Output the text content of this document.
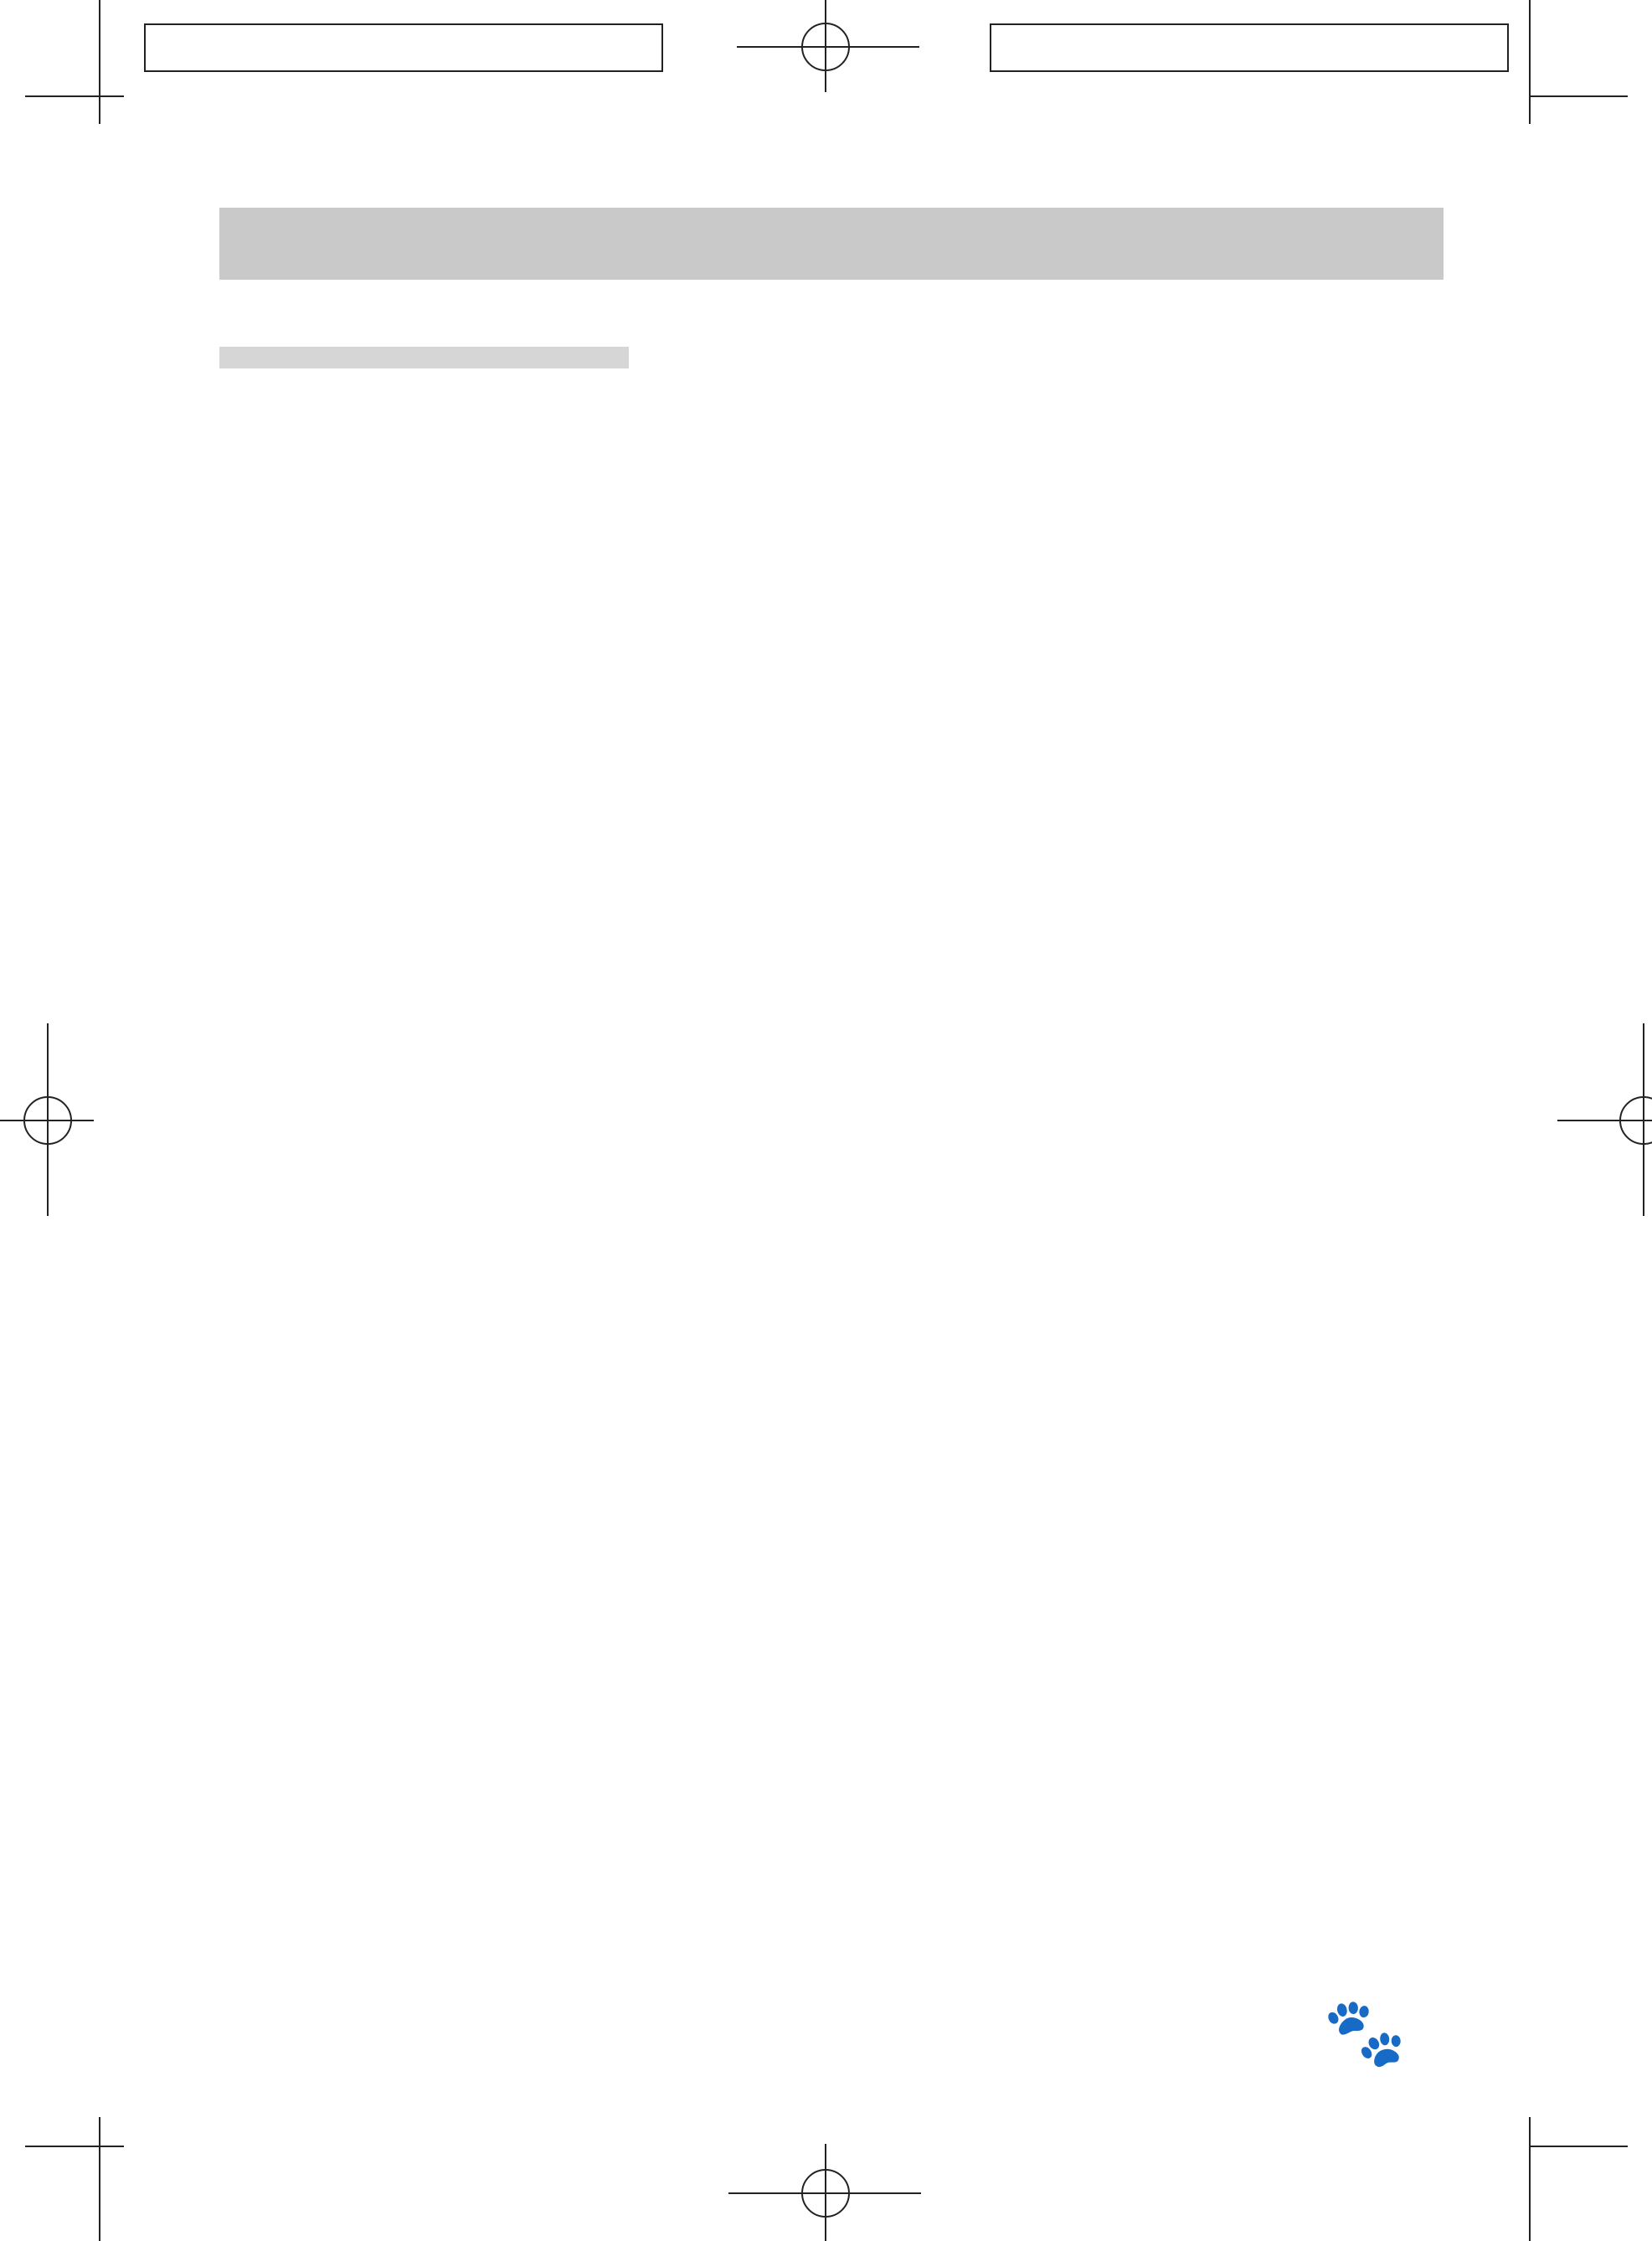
🐾
